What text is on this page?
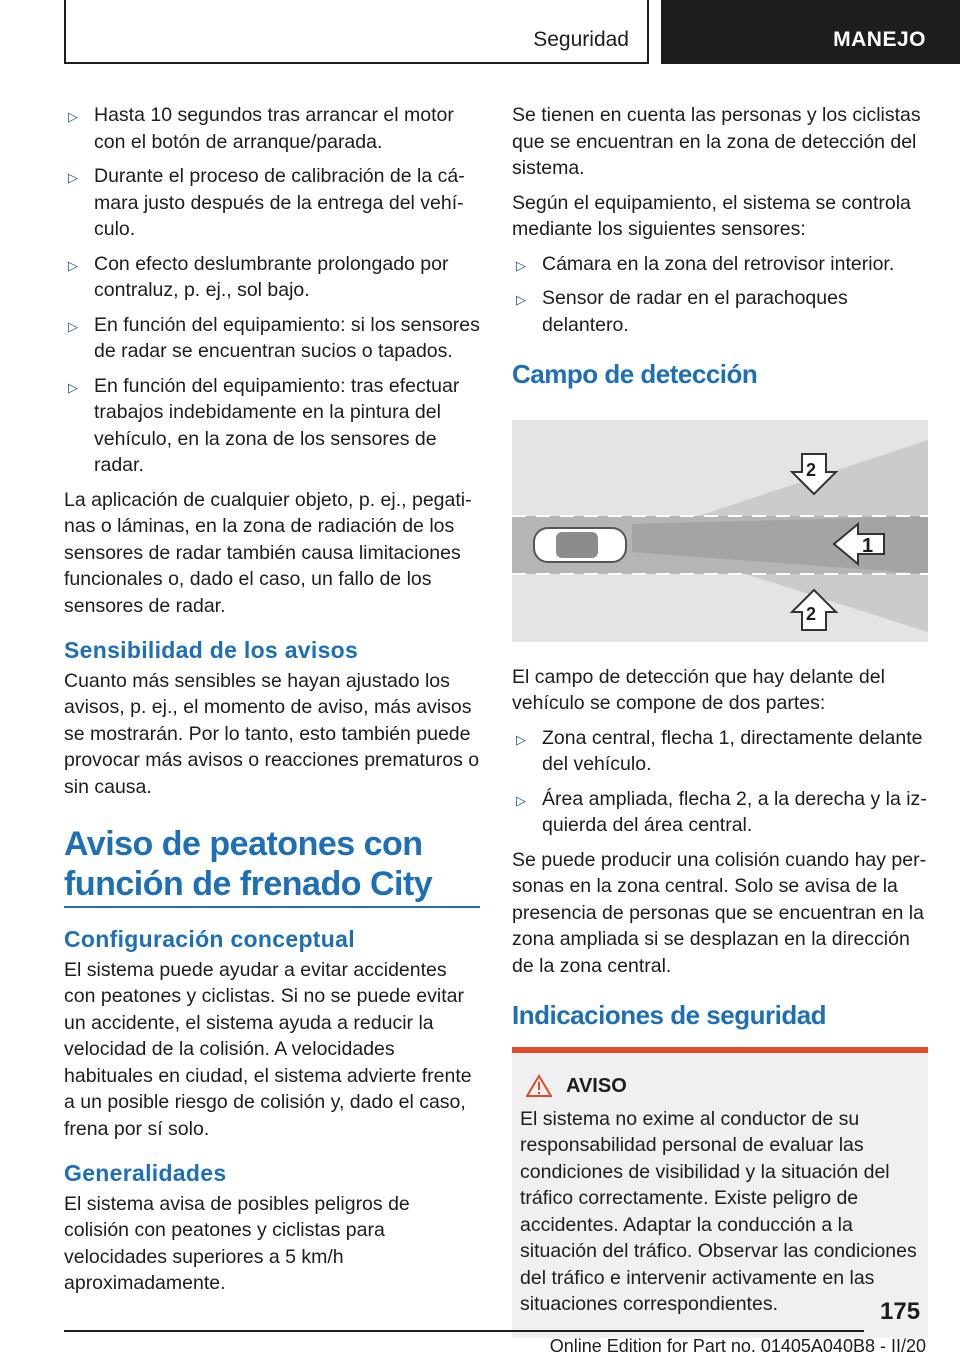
Seguridad	MANEJO
▷ Hasta 10 segundos tras arrancar el motor con el botón de arranque/parada.
▷ Durante el proceso de calibración de la cámara justo después de la entrega del vehículo.
▷ Con efecto deslumbrante prolongado por contraluz, p. ej., sol bajo.
▷ En función del equipamiento: si los sensores de radar se encuentran sucios o tapados.
▷ En función del equipamiento: tras efectuar trabajos indebidamente en la pintura del vehículo, en la zona de los sensores de radar.

La aplicación de cualquier objeto, p. ej., pegatinas o láminas, en la zona de radiación de los sensores de radar también causa limitaciones funcionales o, dado el caso, un fallo de los sensores de radar.

Sensibilidad de los avisos

Cuanto más sensibles se hayan ajustado los avisos, p. ej., el momento de aviso, más avisos se mostrarán. Por lo tanto, esto también puede provocar más avisos o reacciones prematuros o sin causa.

Aviso de peatones con función de frenado City
Configuración conceptual

El sistema puede ayudar a evitar accidentes con peatones y ciclistas. Si no se puede evitar un accidente, el sistema ayuda a reducir la velocidad de la colisión. A velocidades habituales en ciudad, el sistema advierte frente a un posible riesgo de colisión y, dado el caso, frena por sí solo.

Generalidades

El sistema avisa de posibles peligros de colisión con peatones y ciclistas para velocidades superiores a 5 km/h aproximadamente.

Se tienen en cuenta las personas y los ciclistas que se encuentran en la zona de detección del sistema.

Según el equipamiento, el sistema se controla mediante los siguientes sensores:

▷ Cámara en la zona del retrovisor interior.
▷ Sensor de radar en el parachoques delantero.
Campo de detección
1
2
2

El campo de detección que hay delante del vehículo se compone de dos partes:

▷ Zona central, flecha 1, directamente delante del vehículo.
▷ Área ampliada, flecha 2, a la derecha y la izquierda del área central.

Se puede producir una colisión cuando hay personas en la zona central. Solo se avisa de la presencia de personas que se encuentran en la zona ampliada si se desplazan en la dirección de la zona central.

Indicaciones de seguridad
AVISO
El sistema no exime al conductor de su responsabilidad personal de evaluar las condiciones de visibilidad y la situación del tráfico correctamente. Existe peligro de accidentes. Adaptar la conducción a la situación del tráfico. Observar las condiciones del tráfico e intervenir activamente en las situaciones correspondientes.	175
Online Edition for Part no. 01405A040B8 - II/20
